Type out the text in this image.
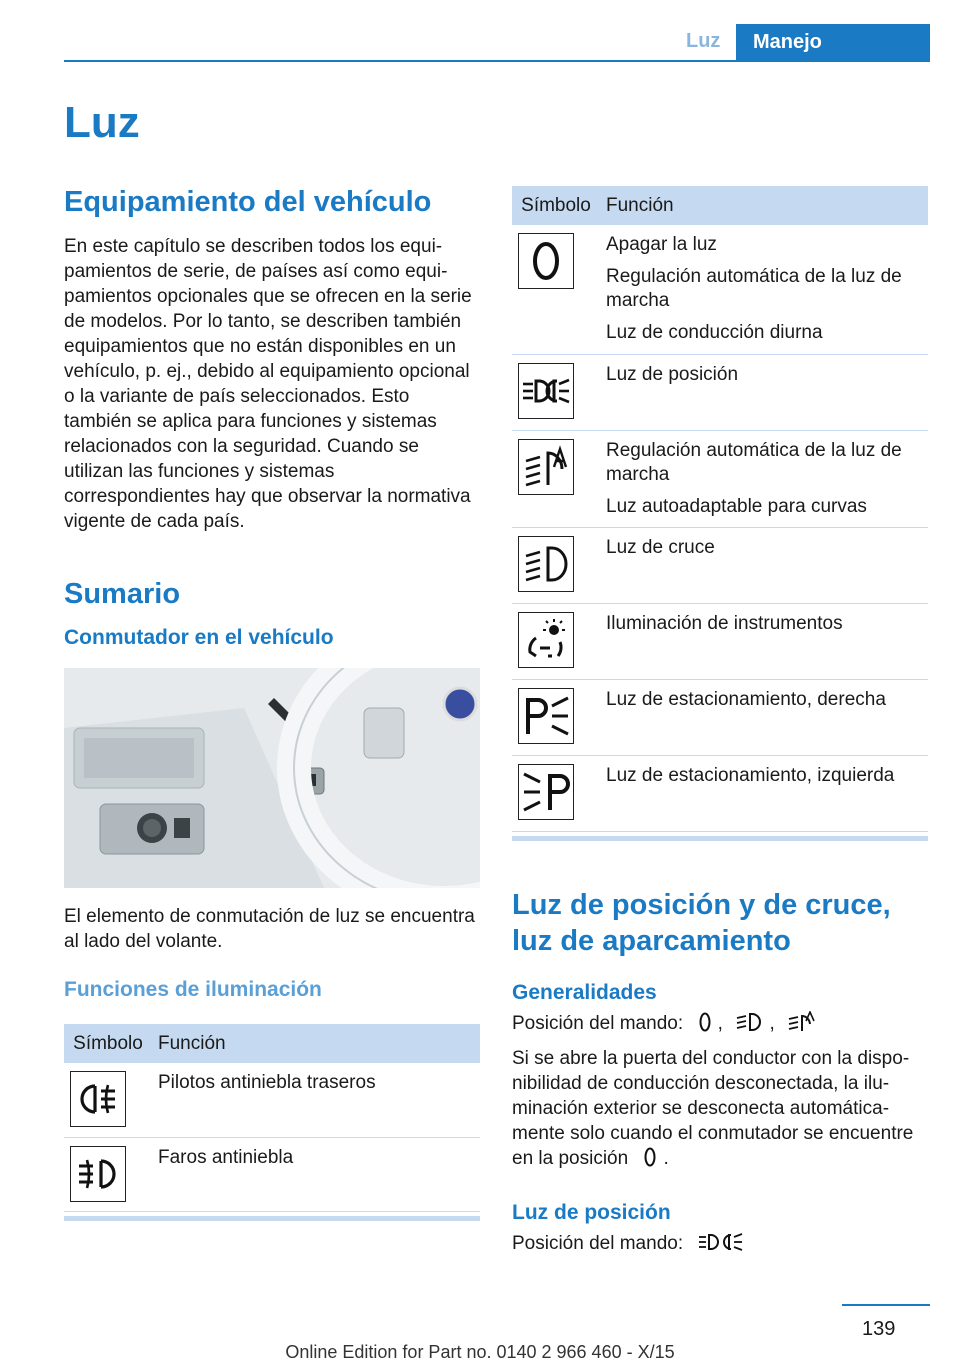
Luz	Manejo
Luz
Equipamiento del vehículo
En este capítulo se describen todos los equipamientos de serie, de países así como equipamientos opcionales que se ofrecen en la serie de modelos. Por lo tanto, se describen también equipamientos que no están disponibles en un vehículo, p. ej., debido al equipamiento opcional o la variante de país seleccionados. Esto también se aplica para funciones y sistemas relacionados con la seguridad. Cuando se utilizan las funciones y sistemas correspondientes hay que observar la normativa vigente de cada país.
Sumario
Conmutador en el vehículo
El elemento de conmutación de luz se encuentra al lado del volante.
Funciones de iluminación
Símbolo	Función

Pilotos antiniebla traseros

Faros antiniebla
Símbolo	Función

Apagar la luz
Regulación automática de la luz de marcha
Luz de conducción diurna

Luz de posición

Regulación automática de la luz de marcha
Luz autoadaptable para curvas

Luz de cruce

Iluminación de instrumentos

Luz de estacionamiento, derecha

Luz de estacionamiento, izquierda
Luz de posición y de cruce, luz de aparcamiento
Generalidades
Posición del mando: , ,
Si se abre la puerta del conductor con la disponibilidad de conducción desconectada, la iluminación exterior se desconecta automáticamente solo cuando el conmutador se encuentre en la posición .
Luz de posición
Posición del mando:
139
Online Edition for Part no. 0140 2 966 460 - X/15
